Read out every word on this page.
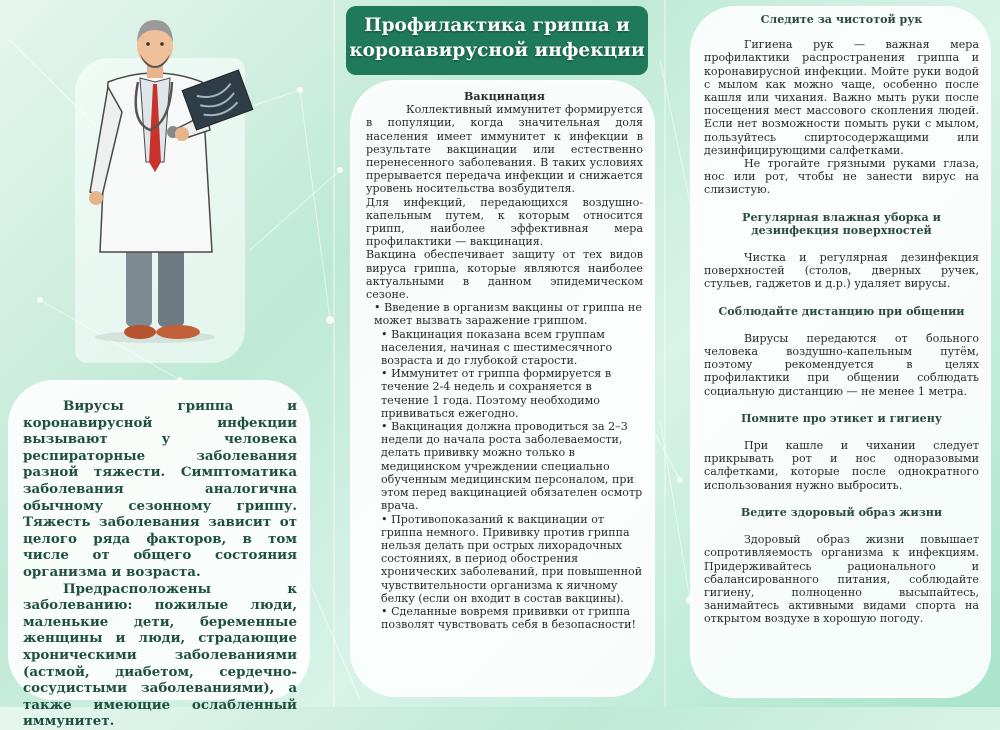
Профилактика гриппа и
коронавирусной инфекции
Вирусы гриппа и коронавирусной инфекции вызывают у человека респираторные заболевания разной тяжести. Симптоматика заболевания аналогична обычному сезонному гриппу. Тяжесть заболевания зависит от целого ряда факторов, в том числе от общего состояния организма и возраста.
Предрасположены к заболеванию: пожилые люди, маленькие дети, беременные женщины и люди, страдающие хроническими заболеваниями (астмой, диабетом, сердечно-сосудистыми заболеваниями), а также имеющие ослабленный иммунитет.
Вакцинация
Коллективный иммунитет формируется в популяции, когда значительная доля населения имеет иммунитет к инфекции в результате вакцинации или естественно перенесенного заболевания. В таких условиях прерывается передача инфекции и снижается уровень носительства возбудителя.
Для инфекций, передающихся воздушно-капельным путем, к которым относится грипп, наиболее эффективная мера профилактики — вакцинация.
Вакцина обеспечивает защиту от тех видов вируса гриппа, которые являются наиболее актуальными в данном эпидемическом сезоне.
• Введение в организм вакцины от гриппа не может вызвать заражение гриппом.
• Вакцинация показана всем группам населения, начиная с шестимесячного возраста и до глубокой старости.
• Иммунитет от гриппа формируется в течение 2-4 недель и сохраняется в течение 1 года. Поэтому необходимо прививаться ежегодно.
• Вакцинация должна проводиться за 2–3 недели до начала роста заболеваемости, делать прививку можно только в медицинском учреждении специально обученным медицинским персоналом, при этом перед вакцинацией обязателен осмотр врача.
• Противопоказаний к вакцинации от гриппа немного. Прививку против гриппа нельзя делать при острых лихорадочных состояниях, в период обострения хронических заболеваний, при повышенной чувствительности организма к яичному белку (если он входит в состав вакцины).
• Сделанные вовремя прививки от гриппа позволят чувствовать себя в безопасности!
Следите за чистотой рук
Гигиена рук — важная мера профилактики распространения гриппа и коронавирусной инфекции. Мойте руки водой с мылом как можно чаще, особенно после кашля или чихания. Важно мыть руки после посещения мест массового скопления людей. Если нет возможности помыть руки с мылом, пользуйтесь спиртосодержащими или дезинфицирующими салфетками.
Не трогайте грязными руками глаза, нос или рот, чтобы не занести вирус на слизистую.
Регулярная влажная уборка и дезинфекция поверхностей
Чистка и регулярная дезинфекция поверхностей (столов, дверных ручек, стульев, гаджетов и д.р.) удаляет вирусы.
Соблюдайте дистанцию при общении
Вирусы передаются от больного человека воздушно-капельным путём, поэтому рекомендуется в целях профилактики при общении соблюдать социальную дистанцию — не менее 1 метра.
Помните про этикет и гигиену
При кашле и чихании следует прикрывать рот и нос одноразовыми салфетками, которые после однократного использования нужно выбросить.
Ведите здоровый образ жизни
Здоровый образ жизни повышает сопротивляемость организма к инфекциям. Придерживайтесь рационального и сбалансированного питания, соблюдайте гигиену, полноценно высыпайтесь, занимайтесь активными видами спорта на открытом воздухе в хорошую погоду.
